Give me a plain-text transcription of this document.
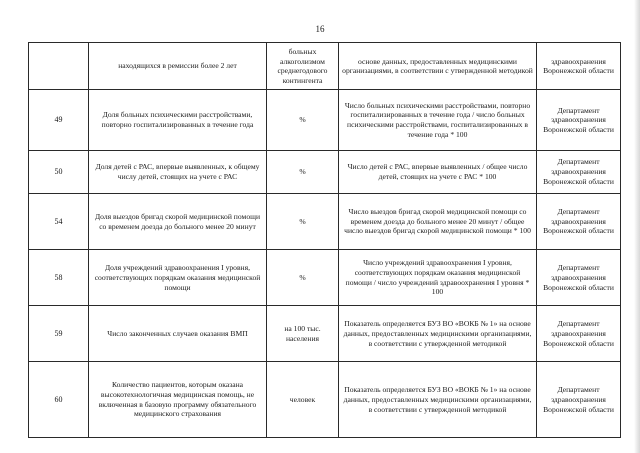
16
	находящихся в ремиссии более 2 лет	больных алкоголизмом среднегодового контингента	основе данных, предоставленных медицинскими организациями, в соответствии с утвержденной методикой	здравоохранения Воронежской области
49	Доля больных психическими расстройствами, повторно госпитализированных в течение года	%	Число больных психическими расстройствами, повторно госпитализированных в течение года / число больных психическими расстройствами, госпитализированных в течение года * 100	Департамент здравоохранения Воронежской области
50	Доля детей с РАС, впервые выявленных, к общему числу детей, стоящих на учете с РАС	%	Число детей с РАС, впервые выявленных / общее число детей, стоящих на учете с РАС * 100	Департамент здравоохранения Воронежской области
54	Доля выездов бригад скорой медицинской помощи со временем доезда до больного менее 20 минут	%	Число выездов бригад скорой медицинской помощи со временем доезда до больного менее 20 минут / общее число выездов бригад скорой медицинской помощи * 100	Департамент здравоохранения Воронежской области
58	Доля учреждений здравоохранения I уровня, соответствующих порядкам оказания медицинской помощи	%	Число учреждений здравоохранения I уровня, соответствующих порядкам оказания медицинской помощи / число учреждений здравоохранения I уровня * 100	Департамент здравоохранения Воронежской области
59	Число законченных случаев оказания ВМП	на 100 тыс. населения	Показатель определяется БУЗ ВО «ВОКБ № 1» на основе данных, предоставленных медицинскими организациями, в соответствии с утвержденной методикой	Департамент здравоохранения Воронежской области
60	Количество пациентов, которым оказана высокотехнологичная медицинская помощь, не включенная в базовую программу обязательного медицинского страхования	человек	Показатель определяется БУЗ ВО «ВОКБ № 1» на основе данных, предоставленных медицинскими организациями, в соответствии с утвержденной методикой	Департамент здравоохранения Воронежской области
